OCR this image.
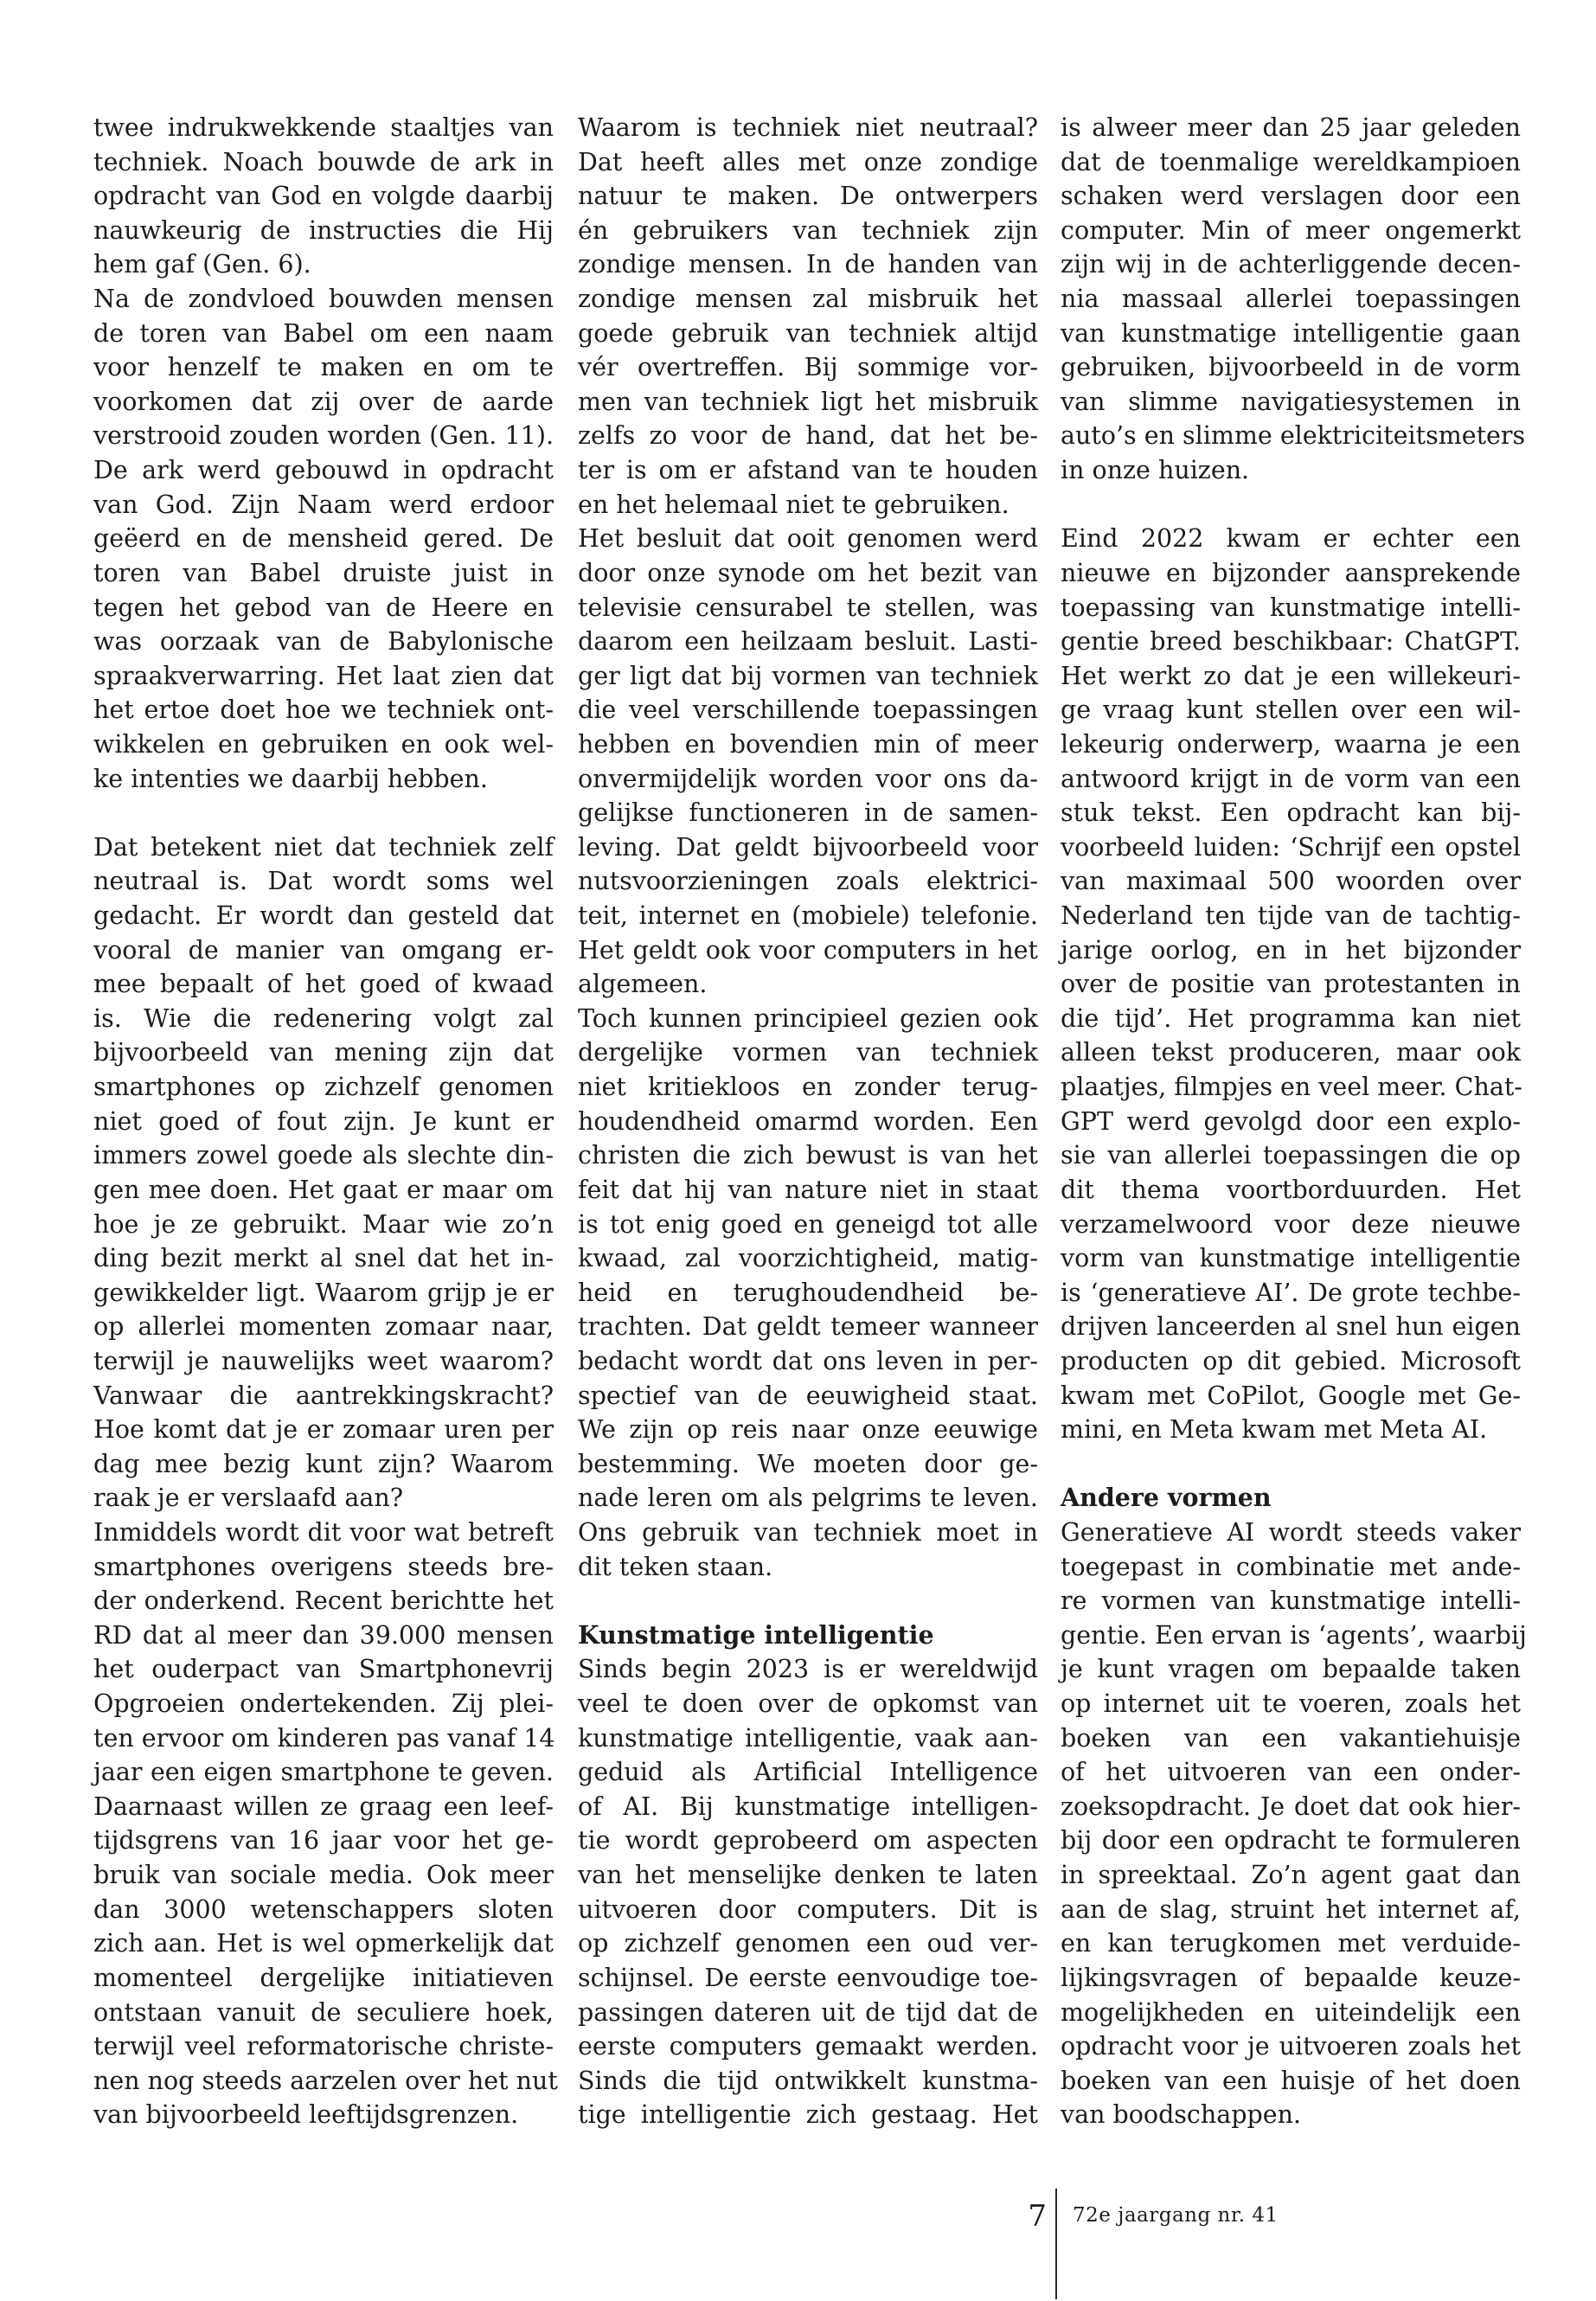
twee indrukwekkende staaltjes van
techniek. Noach bouwde de ark in
opdracht van God en volgde daarbij
nauwkeurig de instructies die Hij
hem gaf (Gen. 6).
Na de zondvloed bouwden mensen
de toren van Babel om een naam
voor henzelf te maken en om te
voorkomen dat zij over de aarde
verstrooid zouden worden (Gen. 11).
De ark werd gebouwd in opdracht
van God. Zijn Naam werd erdoor
geëerd en de mensheid gered. De
toren van Babel druiste juist in
tegen het gebod van de Heere en
was oorzaak van de Babylonische
spraakverwarring. Het laat zien dat
het ertoe doet hoe we techniek ont-
wikkelen en gebruiken en ook wel-
ke intenties we daarbij hebben.
Dat betekent niet dat techniek zelf
neutraal is. Dat wordt soms wel
gedacht. Er wordt dan gesteld dat
vooral de manier van omgang er-
mee bepaalt of het goed of kwaad
is. Wie die redenering volgt zal
bijvoorbeeld van mening zijn dat
smartphones op zichzelf genomen
niet goed of fout zijn. Je kunt er
immers zowel goede als slechte din-
gen mee doen. Het gaat er maar om
hoe je ze gebruikt. Maar wie zo’n
ding bezit merkt al snel dat het in-
gewikkelder ligt. Waarom grijp je er
op allerlei momenten zomaar naar,
terwijl je nauwelijks weet waarom?
Vanwaar die aantrekkingskracht?
Hoe komt dat je er zomaar uren per
dag mee bezig kunt zijn? Waarom
raak je er verslaafd aan?
Inmiddels wordt dit voor wat betreft
smartphones overigens steeds bre-
der onderkend. Recent berichtte het
RD dat al meer dan 39.000 mensen
het ouderpact van Smartphonevrij
Opgroeien ondertekenden. Zij plei-
ten ervoor om kinderen pas vanaf 14
jaar een eigen smartphone te geven.
Daarnaast willen ze graag een leef-
tijdsgrens van 16 jaar voor het ge-
bruik van sociale media. Ook meer
dan 3000 wetenschappers sloten
zich aan. Het is wel opmerkelijk dat
momenteel dergelijke initiatieven
ontstaan vanuit de seculiere hoek,
terwijl veel reformatorische christe-
nen nog steeds aarzelen over het nut
van bijvoorbeeld leeftijdsgrenzen.
Waarom is techniek niet neutraal?
Dat heeft alles met onze zondige
natuur te maken. De ontwerpers
én gebruikers van techniek zijn
zondige mensen. In de handen van
zondige mensen zal misbruik het
goede gebruik van techniek altijd
vér overtreffen. Bij sommige vor-
men van techniek ligt het misbruik
zelfs zo voor de hand, dat het be-
ter is om er afstand van te houden
en het helemaal niet te gebruiken.
Het besluit dat ooit genomen werd
door onze synode om het bezit van
televisie censurabel te stellen, was
daarom een heilzaam besluit. Lasti-
ger ligt dat bij vormen van techniek
die veel verschillende toepassingen
hebben en bovendien min of meer
onvermijdelijk worden voor ons da-
gelijkse functioneren in de samen-
leving. Dat geldt bijvoorbeeld voor
nutsvoorzieningen zoals elektrici-
teit, internet en (mobiele) telefonie.
Het geldt ook voor computers in het
algemeen.
Toch kunnen principieel gezien ook
dergelijke vormen van techniek
niet kritiekloos en zonder terug-
houdendheid omarmd worden. Een
christen die zich bewust is van het
feit dat hij van nature niet in staat
is tot enig goed en geneigd tot alle
kwaad, zal voorzichtigheid, matig-
heid en terughoudendheid be-
trachten. Dat geldt temeer wanneer
bedacht wordt dat ons leven in per-
spectief van de eeuwigheid staat.
We zijn op reis naar onze eeuwige
bestemming. We moeten door ge-
nade leren om als pelgrims te leven.
Ons gebruik van techniek moet in
dit teken staan.
Kunstmatige intelligentie
Sinds begin 2023 is er wereldwijd
veel te doen over de opkomst van
kunstmatige intelligentie, vaak aan-
geduid als Artificial Intelligence
of AI. Bij kunstmatige intelligen-
tie wordt geprobeerd om aspecten
van het menselijke denken te laten
uitvoeren door computers. Dit is
op zichzelf genomen een oud ver-
schijnsel. De eerste eenvoudige toe-
passingen dateren uit de tijd dat de
eerste computers gemaakt werden.
Sinds die tijd ontwikkelt kunstma-
tige intelligentie zich gestaag. Het
is alweer meer dan 25 jaar geleden
dat de toenmalige wereldkampioen
schaken werd verslagen door een
computer. Min of meer ongemerkt
zijn wij in de achterliggende decen-
nia massaal allerlei toepassingen
van kunstmatige intelligentie gaan
gebruiken, bijvoorbeeld in de vorm
van slimme navigatiesystemen in
auto’s en slimme elektriciteitsmeters
in onze huizen.
Eind 2022 kwam er echter een
nieuwe en bijzonder aansprekende
toepassing van kunstmatige intelli-
gentie breed beschikbaar: ChatGPT.
Het werkt zo dat je een willekeuri-
ge vraag kunt stellen over een wil-
lekeurig onderwerp, waarna je een
antwoord krijgt in de vorm van een
stuk tekst. Een opdracht kan bij-
voorbeeld luiden: ‘Schrijf een opstel
van maximaal 500 woorden over
Nederland ten tijde van de tachtig-
jarige oorlog, en in het bijzonder
over de positie van protestanten in
die tijd’. Het programma kan niet
alleen tekst produceren, maar ook
plaatjes, filmpjes en veel meer. Chat-
GPT werd gevolgd door een explo-
sie van allerlei toepassingen die op
dit thema voortborduurden. Het
verzamelwoord voor deze nieuwe
vorm van kunstmatige intelligentie
is ‘generatieve AI’. De grote techbe-
drijven lanceerden al snel hun eigen
producten op dit gebied. Microsoft
kwam met CoPilot, Google met Ge-
mini, en Meta kwam met Meta AI.
Andere vormen
Generatieve AI wordt steeds vaker
toegepast in combinatie met ande-
re vormen van kunstmatige intelli-
gentie. Een ervan is ‘agents’, waarbij
je kunt vragen om bepaalde taken
op internet uit te voeren, zoals het
boeken van een vakantiehuisje
of het uitvoeren van een onder-
zoeksopdracht. Je doet dat ook hier-
bij door een opdracht te formuleren
in spreektaal. Zo’n agent gaat dan
aan de slag, struint het internet af,
en kan terugkomen met verduide-
lijkingsvragen of bepaalde keuze-
mogelijkheden en uiteindelijk een
opdracht voor je uitvoeren zoals het
boeken van een huisje of het doen
van boodschappen.
7 72e jaargang nr. 41
